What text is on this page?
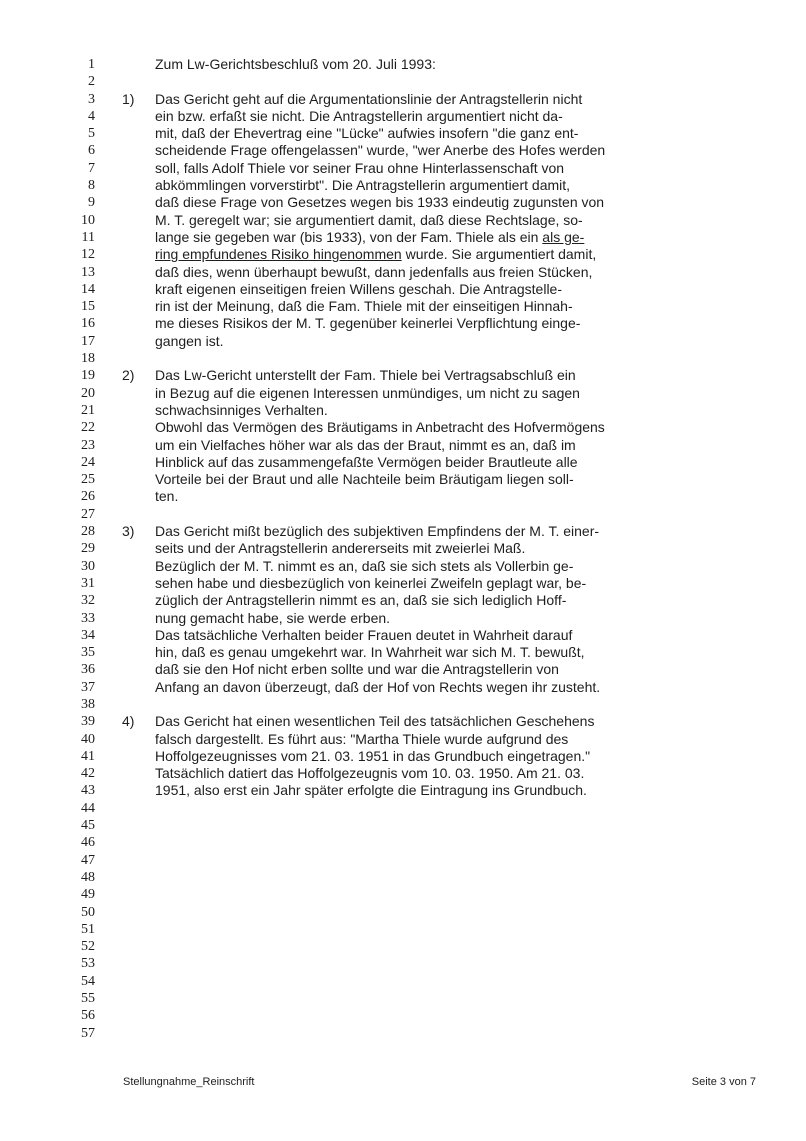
1	Zum Lw-Gerichtsbeschluß vom 20. Juli 1993:
2
3 1)	Das Gericht geht auf die Argumentationslinie der Antragstellerin nicht
4	ein bzw. erfaßt sie nicht. Die Antragstellerin argumentiert nicht da-
5	mit, daß der Ehevertrag eine "Lücke" aufwies insofern "die ganz ent-
6	scheidende Frage offengelassen" wurde, "wer Anerbe des Hofes werden
7	soll, falls Adolf Thiele vor seiner Frau ohne Hinterlassenschaft von
8	abkömmlingen vorverstirbt". Die Antragstellerin argumentiert damit,
9	daß diese Frage von Gesetzes wegen bis 1933 eindeutig zugunsten von
10	M. T. geregelt war; sie argumentiert damit, daß diese Rechtslage, so-
11	lange sie gegeben war (bis 1933), von der Fam. Thiele als ein als ge-
12	ring empfundenes Risiko hingenommen wurde. Sie argumentiert damit,
13	daß dies, wenn überhaupt bewußt, dann jedenfalls aus freien Stücken,
14	kraft eigenen einseitigen freien Willens geschah. Die Antragstelle-
15	rin ist der Meinung, daß die Fam. Thiele mit der einseitigen Hinnah-
16	me dieses Risikos der M. T. gegenüber keinerlei Verpflichtung einge-
17	gangen ist.
18
19 2)	Das Lw-Gericht unterstellt der Fam. Thiele bei Vertragsabschluß ein
20	in Bezug auf die eigenen Interessen unmündiges, um nicht zu sagen
21	schwachsinniges Verhalten.
22	Obwohl das Vermögen des Bräutigams in Anbetracht des Hofvermögens
23	um ein Vielfaches höher war als das der Braut, nimmt es an, daß im
24	Hinblick auf das zusammengefaßte Vermögen beider Brautleute alle
25	Vorteile bei der Braut und alle Nachteile beim Bräutigam liegen soll-
26	ten.
27
28 3)	Das Gericht mißt bezüglich des subjektiven Empfindens der M. T. einer-
29	seits und der Antragstellerin andererseits mit zweierlei Maß.
30	Bezüglich der M. T. nimmt es an, daß sie sich stets als Vollerbin ge-
31	sehen habe und diesbezüglich von keinerlei Zweifeln geplagt war, be-
32	züglich der Antragstellerin nimmt es an, daß sie sich lediglich Hoff-
33	nung gemacht habe, sie werde erben.
34	Das tatsächliche Verhalten beider Frauen deutet in Wahrheit darauf
35	hin, daß es genau umgekehrt war. In Wahrheit war sich M. T. bewußt,
36	daß sie den Hof nicht erben sollte und war die Antragstellerin von
37	Anfang an davon überzeugt, daß der Hof von Rechts wegen ihr zusteht.
38
39 4)	Das Gericht hat einen wesentlichen Teil des tatsächlichen Geschehens
40	falsch dargestellt. Es führt aus: "Martha Thiele wurde aufgrund des
41	Hoffolgezeugnisses vom 21. 03. 1951 in das Grundbuch eingetragen."
42	Tatsächlich datiert das Hoffolgezeugnis vom 10. 03. 1950. Am 21. 03.
43	1951, also erst ein Jahr später erfolgte die Eintragung ins Grundbuch.
44
45
46
47
48
49
50
51
52
53
54
55
56
57
Stellungnahme_Reinschrift	Seite 3 von 7
